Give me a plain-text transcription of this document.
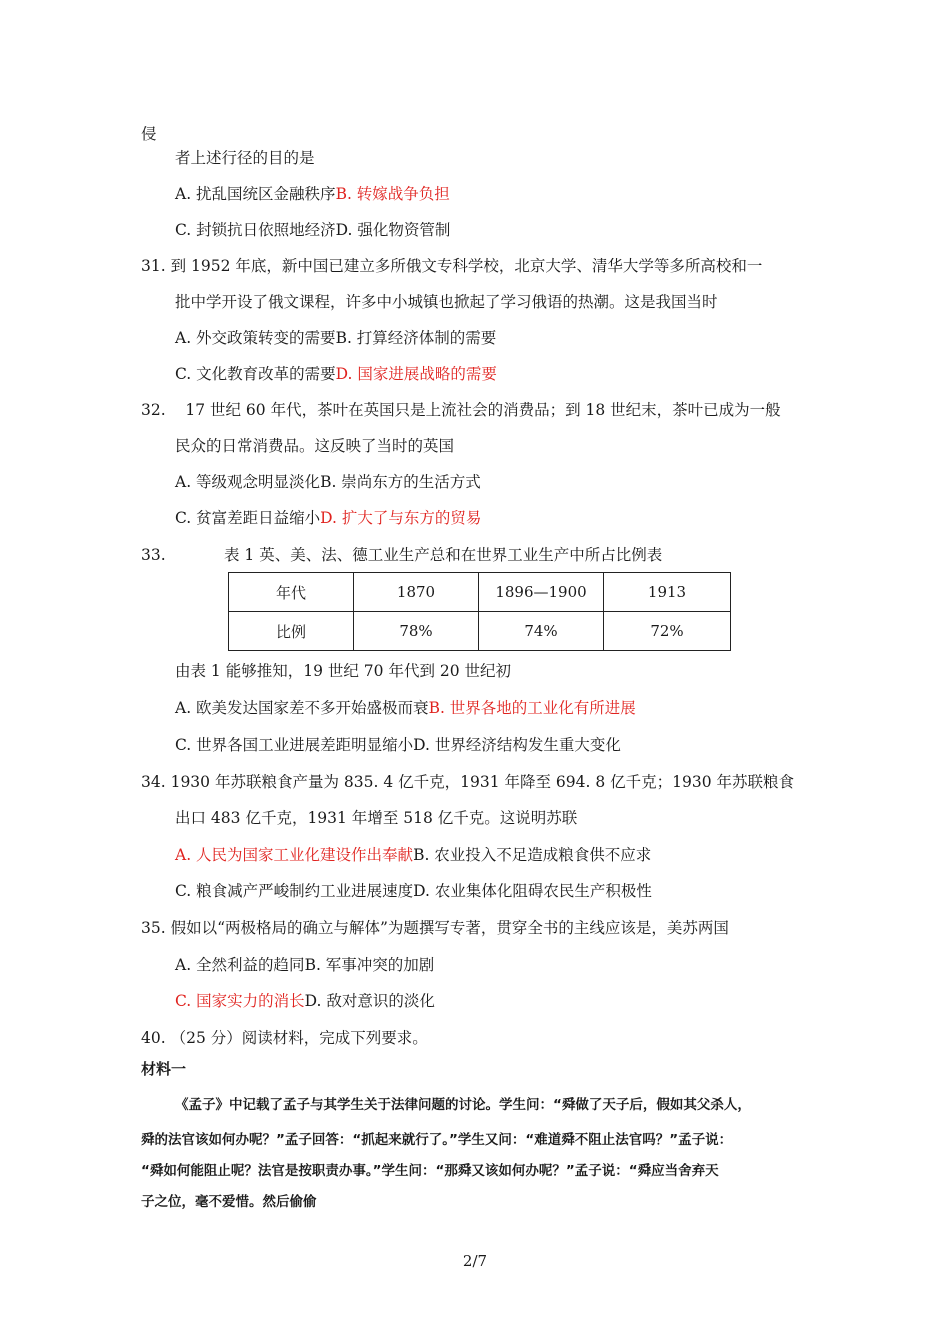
侵
者上述行径的目的是
A. 扰乱国统区金融秩序B. 转嫁战争负担
C. 封锁抗日依照地经济D. 强化物资管制
31. 到 1952 年底，新中国已建立多所俄文专科学校，北京大学、清华大学等多所高校和一
批中学开设了俄文课程，许多中小城镇也掀起了学习俄语的热潮。这是我国当时
A. 外交政策转变的需要B. 打算经济体制的需要
C. 文化教育改革的需要D. 国家进展战略的需要
32.    17 世纪 60 年代，茶叶在英国只是上流社会的消费品；到 18 世纪末，茶叶已成为一般
民众的日常消费品。这反映了当时的英国
A. 等级观念明显淡化B. 崇尚东方的生活方式
C. 贫富差距日益缩小D. 扩大了与东方的贸易
33.	表 1 英、美、法、德工业生产总和在世界工业生产中所占比例表
年代	1870	1896—1900	1913
比例	78%	74%	72%
由表 1 能够推知，19 世纪 70 年代到 20 世纪初
A. 欧美发达国家差不多开始盛极而衰B. 世界各地的工业化有所进展
C. 世界各国工业进展差距明显缩小D. 世界经济结构发生重大变化
34. 1930 年苏联粮食产量为 835. 4 亿千克，1931 年降至 694. 8 亿千克；1930 年苏联粮食
出口 483 亿千克，1931 年增至 518 亿千克。这说明苏联
A. 人民为国家工业化建设作出奉献B. 农业投入不足造成粮食供不应求
C. 粮食减产严峻制约工业进展速度D. 农业集体化阻碍农民生产积极性
35. 假如以“两极格局的确立与解体”为题撰写专著，贯穿全书的主线应该是，美苏两国
A. 全然利益的趋同B. 军事冲突的加剧
C. 国家实力的消长D. 敌对意识的淡化
40. （25 分）阅读材料，完成下列要求。
材料一
《孟子》中记载了孟子与其学生关于法律问题的讨论。学生问：“舜做了天子后，假如其父杀人，
舜的法官该如何办呢？”孟子回答：“抓起来就行了。”学生又问：“难道舜不阻止法官吗？”孟子说：
“舜如何能阻止呢？法官是按职责办事。”学生问：“那舜又该如何办呢？”孟子说：“舜应当舍弃天
子之位，毫不爱惜。然后偷偷
2/7
